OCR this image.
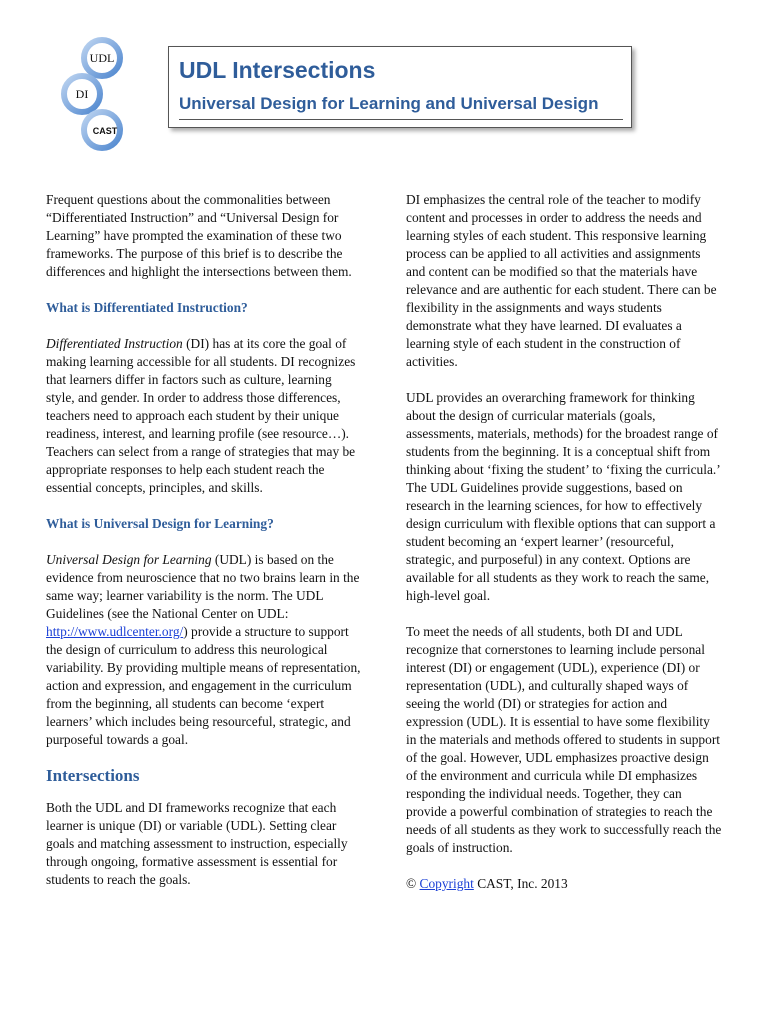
UDL
DI
CAST
UDL Intersections
Universal Design for Learning and Universal Design

Frequent questions about the commonalities between “Differentiated Instruction” and “Universal Design for Learning” have prompted the examination of these two frameworks. The purpose of this brief is to describe the differences and highlight the intersections between them.

What is Differentiated Instruction?

Differentiated Instruction (DI) has at its core the goal of making learning accessible for all students. DI recognizes that learners differ in factors such as culture, learning style, and gender. In order to address those differences, teachers need to approach each student by their unique readiness, interest, and learning profile (see resource…). Teachers can select from a range of strategies that may be appropriate responses to help each student reach the essential concepts, principles, and skills.

What is Universal Design for Learning?

Universal Design for Learning (UDL) is based on the evidence from neuroscience that no two brains learn in the same way; learner variability is the norm. The UDL Guidelines (see the National Center on UDL: http://www.udlcenter.org/) provide a structure to support the design of curriculum to address this neurological variability. By providing multiple means of representation, action and expression, and engagement in the curriculum from the beginning, all students can become ‘expert learners’ which includes being resourceful, strategic, and purposeful towards a goal.

Intersections

Both the UDL and DI frameworks recognize that each learner is unique (DI) or variable (UDL). Setting clear goals and matching assessment to instruction, especially through ongoing, formative assessment is essential for students to reach the goals.

DI emphasizes the central role of the teacher to modify content and processes in order to address the needs and learning styles of each student. This responsive learning process can be applied to all activities and assignments and content can be modified so that the materials have relevance and are authentic for each student. There can be flexibility in the assignments and ways students demonstrate what they have learned. DI evaluates a learning style of each student in the construction of activities.

UDL provides an overarching framework for thinking about the design of curricular materials (goals, assessments, materials, methods) for the broadest range of students from the beginning. It is a conceptual shift from thinking about ‘fixing the student’ to ‘fixing the curricula.’ The UDL Guidelines provide suggestions, based on research in the learning sciences, for how to effectively design curriculum with flexible options that can support a student becoming an ‘expert learner’ (resourceful, strategic, and purposeful) in any context. Options are available for all students as they work to reach the same, high-level goal.

To meet the needs of all students, both DI and UDL recognize that cornerstones to learning include personal interest (DI) or engagement (UDL), experience (DI) or representation (UDL), and culturally shaped ways of seeing the world (DI) or strategies for action and expression (UDL). It is essential to have some flexibility in the materials and methods offered to students in support of the goal. However, UDL emphasizes proactive design of the environment and curricula while DI emphasizes responding the individual needs. Together, they can provide a powerful combination of strategies to reach the needs of all students as they work to successfully reach the goals of instruction.

© Copyright CAST, Inc. 2013
